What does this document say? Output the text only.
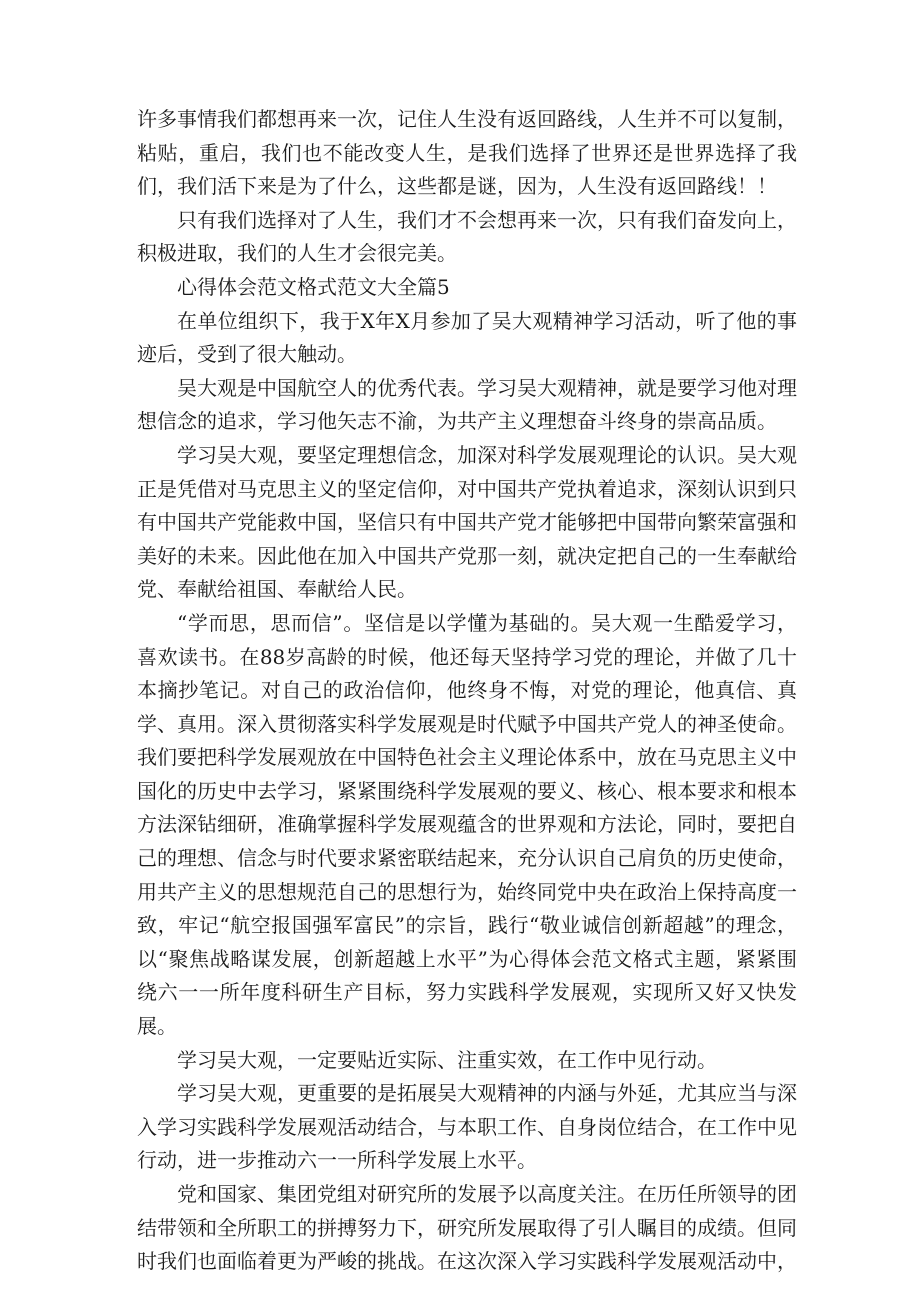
许多事情我们都想再来一次，记住人生没有返回路线，人生并不可以复制，粘贴，重启，我们也不能改变人生，是我们选择了世界还是世界选择了我们，我们活下来是为了什么，这些都是谜，因为，人生没有返回路线！！

只有我们选择对了人生，我们才不会想再来一次，只有我们奋发向上，积极进取，我们的人生才会很完美。

心得体会范文格式范文大全篇5

在单位组织下，我于X年X月参加了吴大观精神学习活动，听了他的事迹后，受到了很大触动。

吴大观是中国航空人的优秀代表。学习吴大观精神，就是要学习他对理想信念的追求，学习他矢志不渝，为共产主义理想奋斗终身的崇高品质。

学习吴大观，要坚定理想信念，加深对科学发展观理论的认识。吴大观正是凭借对马克思主义的坚定信仰，对中国共产党执着追求，深刻认识到只有中国共产党能救中国，坚信只有中国共产党才能够把中国带向繁荣富强和美好的未来。因此他在加入中国共产党那一刻，就决定把自己的一生奉献给党、奉献给祖国、奉献给人民。

“学而思，思而信”。坚信是以学懂为基础的。吴大观一生酷爱学习，喜欢读书。在88岁高龄的时候，他还每天坚持学习党的理论，并做了几十本摘抄笔记。对自己的政治信仰，他终身不悔，对党的理论，他真信、真学、真用。深入贯彻落实科学发展观是时代赋予中国共产党人的神圣使命。我们要把科学发展观放在中国特色社会主义理论体系中，放在马克思主义中国化的历史中去学习，紧紧围绕科学发展观的要义、核心、根本要求和根本方法深钻细研，准确掌握科学发展观蕴含的世界观和方法论，同时，要把自己的理想、信念与时代要求紧密联结起来，充分认识自己肩负的历史使命，用共产主义的思想规范自己的思想行为，始终同党中央在政治上保持高度一致，牢记“航空报国强军富民”的宗旨，践行“敬业诚信创新超越”的理念，以“聚焦战略谋发展，创新超越上水平”为心得体会范文格式主题，紧紧围绕六一一所年度科研生产目标，努力实践科学发展观，实现所又好又快发展。

学习吴大观，一定要贴近实际、注重实效，在工作中见行动。

学习吴大观，更重要的是拓展吴大观精神的内涵与外延，尤其应当与深入学习实践科学发展观活动结合，与本职工作、自身岗位结合，在工作中见行动，进一步推动六一一所科学发展上水平。

党和国家、集团党组对研究所的发展予以高度关注。在历任所领导的团结带领和全所职工的拼搏努力下，研究所发展取得了引人瞩目的成绩。但同时我们也面临着更为严峻的挑战。在这次深入学习实践科学发展观活动中，
